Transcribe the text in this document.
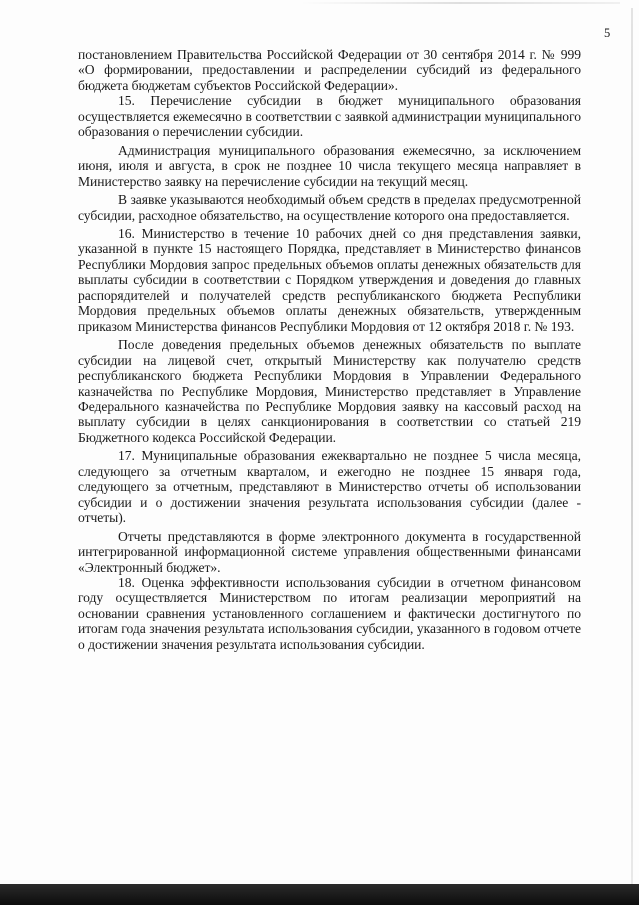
5

постановлением Правительства Российской Федерации от 30 сентября 2014 г. № 999 «О формировании, предоставлении и распределении субсидий из федерального бюджета бюджетам субъектов Российской Федерации».

15. Перечисление субсидии в бюджет муниципального образования осуществляется ежемесячно в соответствии с заявкой администрации муниципального образования о перечислении субсидии.

Администрация муниципального образования ежемесячно, за исключением июня, июля и августа, в срок не позднее 10 числа текущего месяца направляет в Министерство заявку на перечисление субсидии на текущий месяц.

В заявке указываются необходимый объем средств в пределах предусмотренной субсидии, расходное обязательство, на осуществление которого она предоставляется.

16. Министерство в течение 10 рабочих дней со дня представления заявки, указанной в пункте 15 настоящего Порядка, представляет в Министерство финансов Республики Мордовия запрос предельных объемов оплаты денежных обязательств для выплаты субсидии в соответствии с Порядком утверждения и доведения до главных распорядителей и получателей средств республиканского бюджета Республики Мордовия предельных объемов оплаты денежных обязательств, утвержденным приказом Министерства финансов Республики Мордовия от 12 октября 2018 г. № 193.

После доведения предельных объемов денежных обязательств по выплате субсидии на лицевой счет, открытый Министерству как получателю средств республиканского бюджета Республики Мордовия в Управлении Федерального казначейства по Республике Мордовия, Министерство представляет в Управление Федерального казначейства по Республике Мордовия заявку на кассовый расход на выплату субсидии в целях санкционирования в соответствии со статьей 219 Бюджетного кодекса Российской Федерации.

17. Муниципальные образования ежеквартально не позднее 5 числа месяца, следующего за отчетным кварталом, и ежегодно не позднее 15 января года, следующего за отчетным, представляют в Министерство отчеты об использовании субсидии и о достижении значения результата использования субсидии (далее - отчеты).

Отчеты представляются в форме электронного документа в государственной интегрированной информационной системе управления общественными финансами «Электронный бюджет».

18. Оценка эффективности использования субсидии в отчетном финансовом году осуществляется Министерством по итогам реализации мероприятий на основании сравнения установленного соглашением и фактически достигнутого по итогам года значения результата использования субсидии, указанного в годовом отчете о достижении значения результата использования субсидии.
